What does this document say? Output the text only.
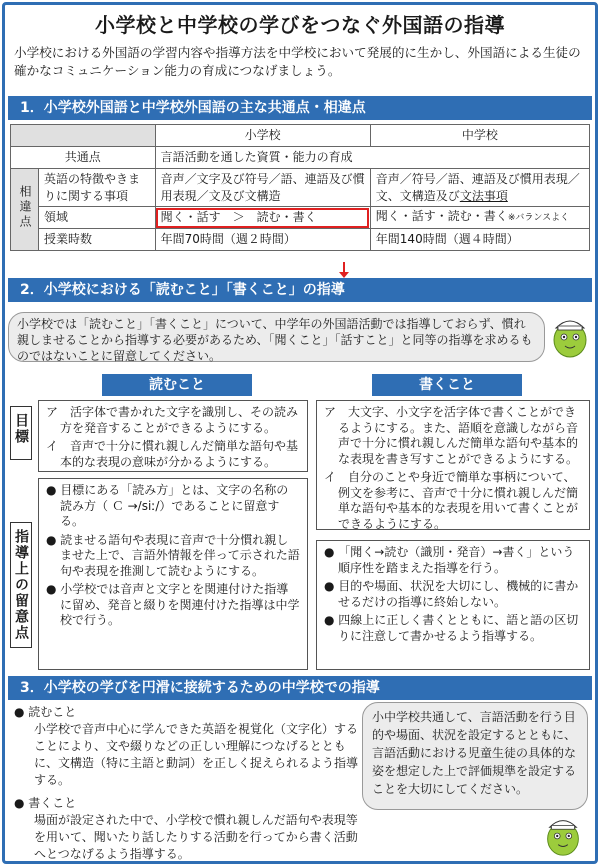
小学校と中学校の学びをつなぐ外国語の指導
小学校における外国語の学習内容や指導方法を中学校において発展的に生かし、外国語による生徒の確かなコミュニケーション能力の育成につなげましょう。
1．小学校外国語と中学校外国語の主な共通点・相違点
		小学校	中学校
共通点		言語活動を通した資質・能力の育成	
相違点	英語の特徴やきまりに関する事項	音声／文字及び符号／語、連語及び慣用表現／文及び文構造	音声／符号／語、連語及び慣用表現／文、文構造及び文法事項
	領域	聞く・話す　＞　読む・書く	聞く・話す・読む・書く※バランスよく
	授業時数	年間70時間（週２時間）	年間140時間（週４時間）
2．小学校における「読むこと」「書くこと」の指導
小学校では「読むこと」「書くこと」について、中学年の外国語活動では指導しておらず、慣れ親しませることから指導する必要があるため、「聞くこと」「話すこと」と同等の指導を求めるものではないことに留意してください。
読むこと	書くこと
目標
指導上の留意点

ア　活字体で書かれた文字を識別し、その読み方を発音することができるようにする。

イ　音声で十分に慣れ親しんだ簡単な語句や基本的な表現の意味が分かるようにする。

ア　大文字、小文字を活字体で書くことができるようにする。また、語順を意識しながら音声で十分に慣れ親しんだ簡単な語句や基本的な表現を書き写すことができるようにする。

イ　自分のことや身近で簡単な事柄について、例文を参考に、音声で十分に慣れ親しんだ簡単な語句や基本的な表現を用いて書くことができるようにする。

● 目標にある「読み方」とは、文字の名称の読み方（ Ｃ →/siː/）であることに留意する。
● 読ませる語句や表現に音声で十分慣れ親しませた上で、言語外情報を伴って示された語句や表現を推測して読むようにする。
● 小学校では音声と文字とを関連付けた指導に留め、発音と綴りを関連付けた指導は中学校で行う。
● 「聞く→読む（識別・発音）→書く」という順序性を踏まえた指導を行う。
● 目的や場面、状況を大切にし、機械的に書かせるだけの指導に終始しない。
● 四線上に正しく書くとともに、語と語の区切りに注意して書かせるよう指導する。
3．小学校の学びを円滑に接続するための中学校での指導
● 読むこと
小学校で音声中心に学んできた英語を視覚化（文字化）することにより、文や綴りなどの正しい理解につなげるとともに、文構造（特に主語と動詞）を正しく捉えられるよう指導する。
● 書くこと
場面が設定された中で、小学校で慣れ親しんだ語句や表現等を用いて、聞いたり話したりする活動を行ってから書く活動へとつなげるよう指導する。
小中学校共通して、言語活動を行う目的や場面、状況を設定するとともに、言語活動における児童生徒の具体的な姿を想定した上で評価規準を設定することを大切にしてください。
